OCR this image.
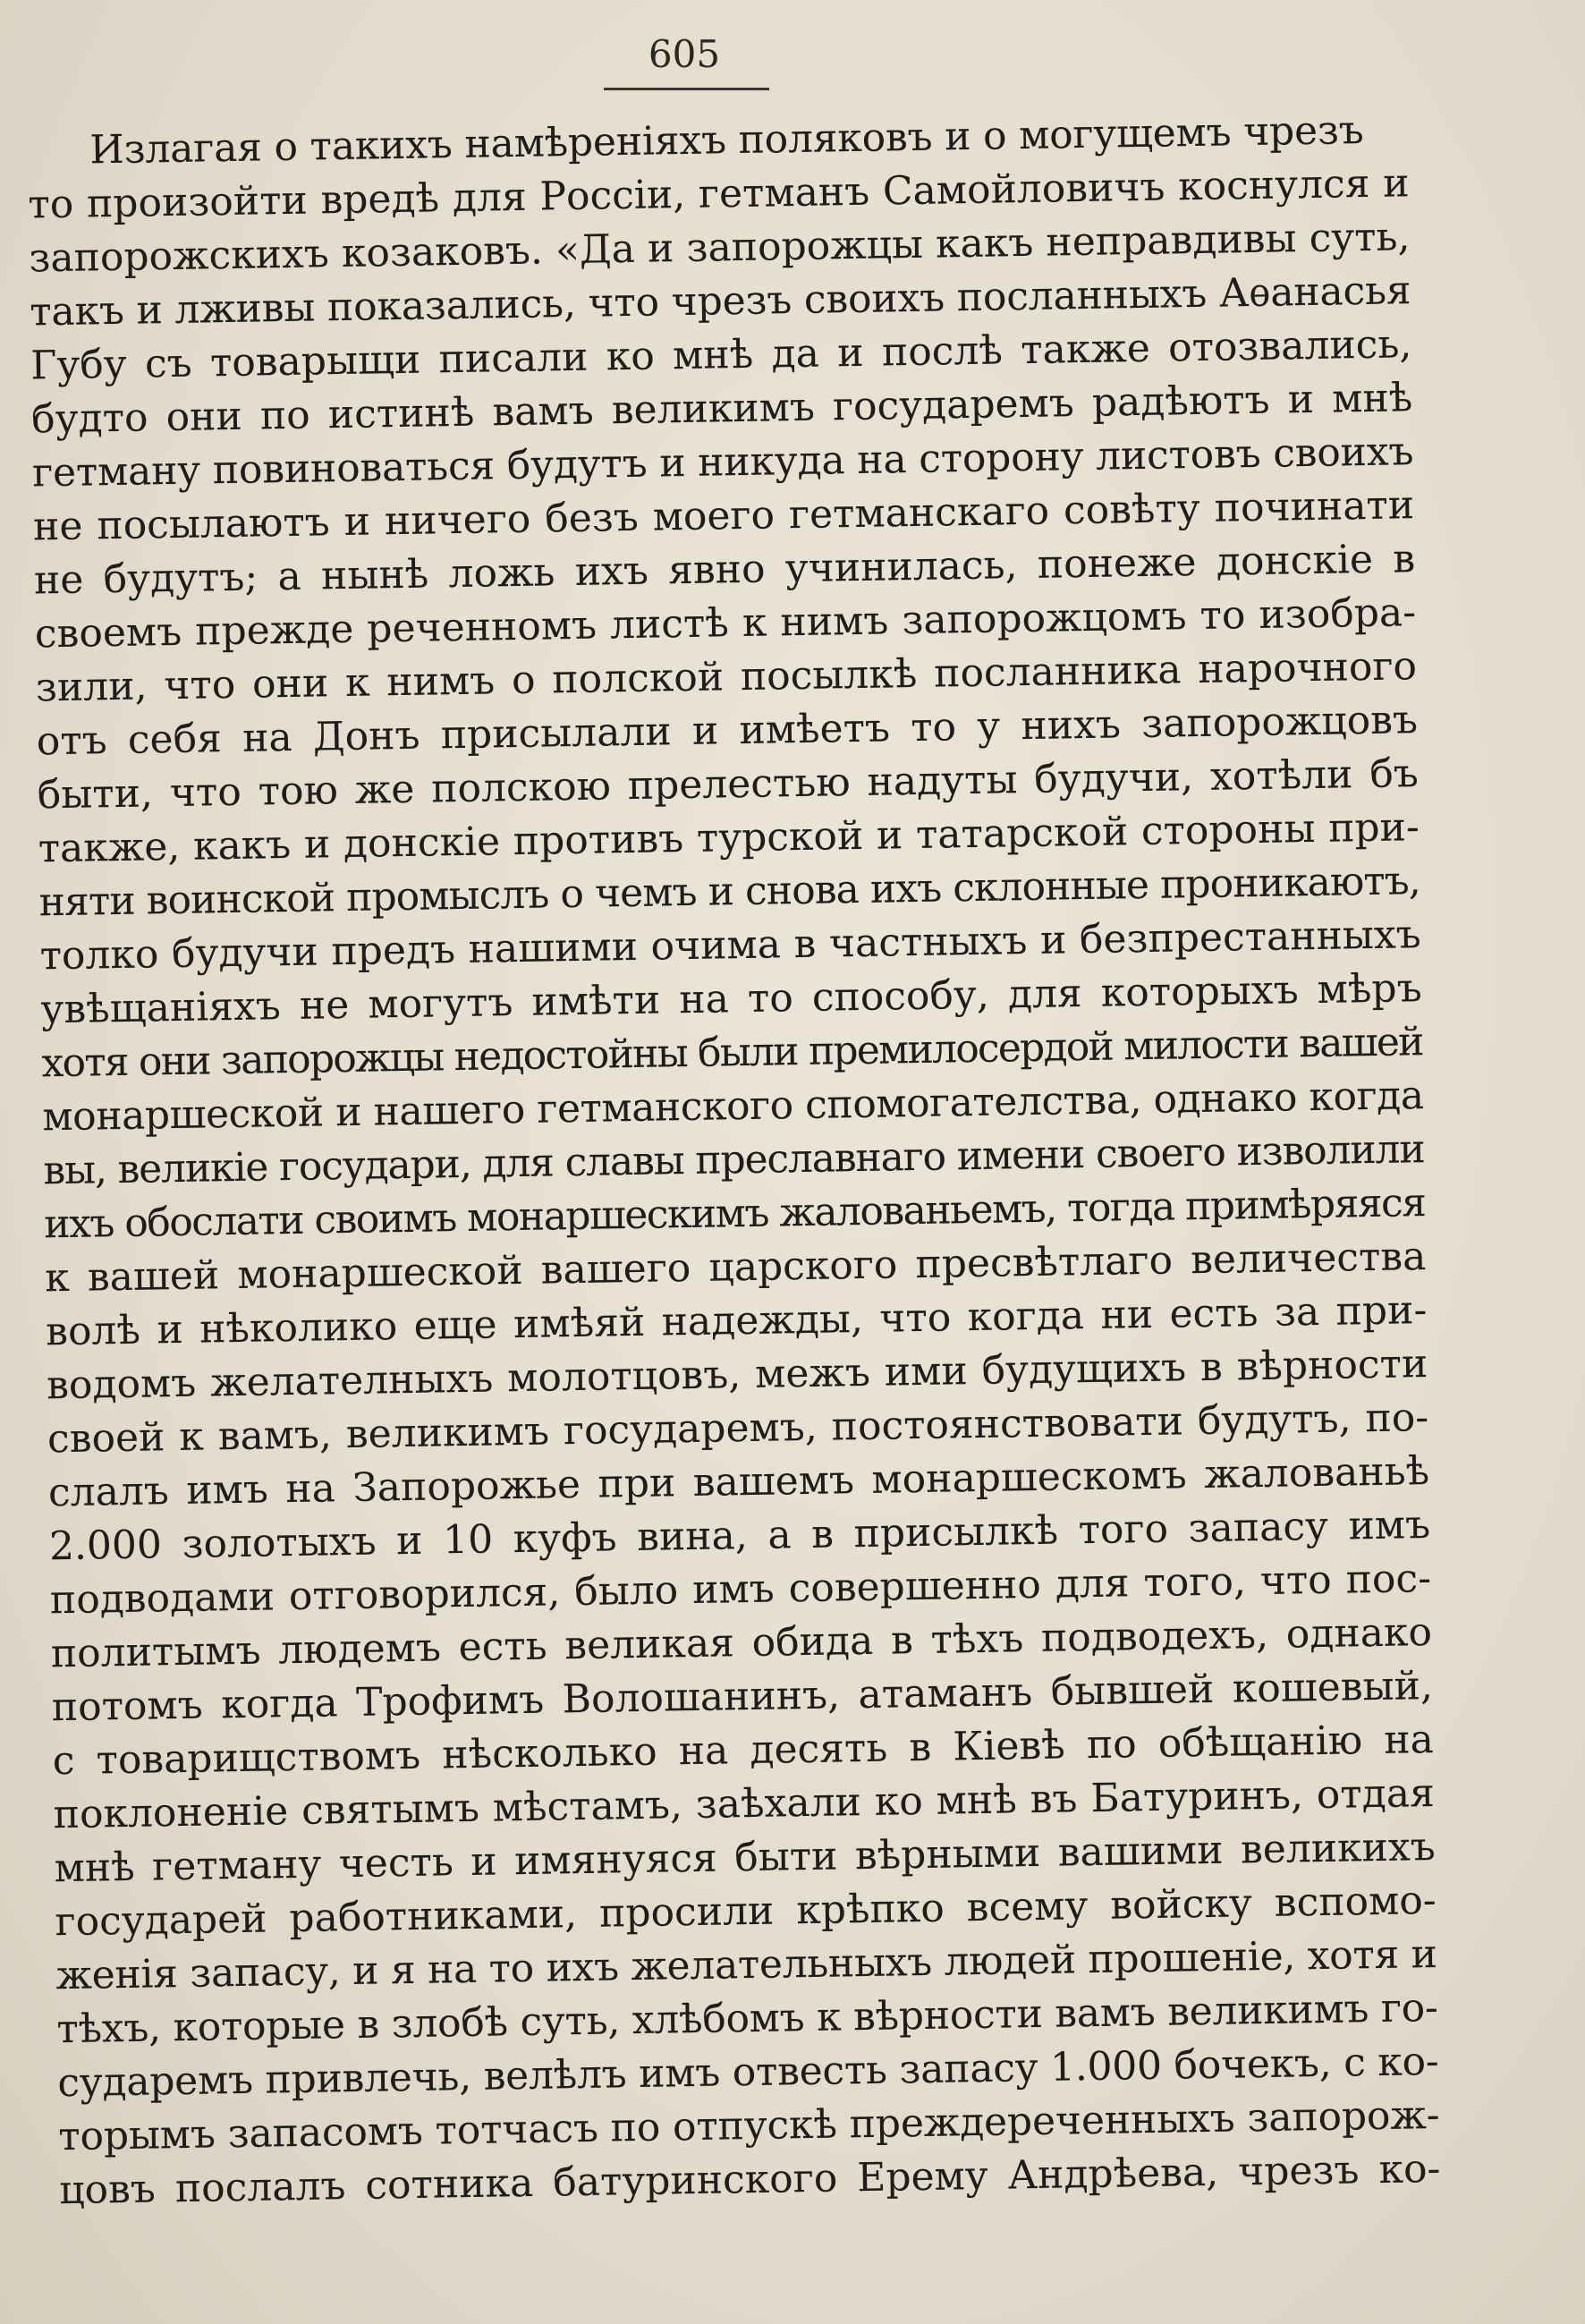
605
Излагая о такихъ намѣреніяхъ поляковъ и о могущемъ чрезъ
то произойти вредѣ для Россіи, гетманъ Самойловичъ коснулся и
запорожскихъ козаковъ. «Да и запорожцы какъ неправдивы суть,
такъ и лживы показались, что чрезъ своихъ посланныхъ Аѳанасья
Губу съ товарыщи писали ко мнѣ да и послѣ также отозвались,
будто они по истинѣ вамъ великимъ государемъ радѣютъ и мнѣ
гетману повиноваться будутъ и никуда на сторону листовъ своихъ
не посылаютъ и ничего безъ моего гетманскаго совѣту починати
не будутъ; а нынѣ ложь ихъ явно учинилась, понеже донскіе в
своемъ прежде реченномъ листѣ к нимъ запорожцомъ то изобра-
зили, что они к нимъ о полской посылкѣ посланника нарочного
отъ себя на Донъ присылали и имѣетъ то у нихъ запорожцовъ
быти, что тою же полскою прелестью надуты будучи, хотѣли бъ
также, какъ и донскіе противъ турской и татарской стороны при-
няти воинской промыслъ о чемъ и снова ихъ склонные проникаютъ,
толко будучи предъ нашими очима в частныхъ и безпрестанныхъ
увѣщаніяхъ не могутъ имѣти на то способу, для которыхъ мѣръ
хотя они запорожцы недостойны были премилосердой милости вашей
монаршеской и нашего гетманского спомогателства, однако когда
вы, великіе государи, для славы преславнаго имени своего изволили
ихъ обослати своимъ монаршескимъ жалованьемъ, тогда примѣряяся
к вашей монаршеской вашего царского пресвѣтлаго величества
волѣ и нѣколико еще имѣяй надежды, что когда ни есть за при-
водомъ желателныхъ молотцовъ, межъ ими будущихъ в вѣрности
своей к вамъ, великимъ государемъ, постоянствовати будутъ, по-
слалъ имъ на Запорожье при вашемъ монаршескомъ жалованьѣ
2.000 золотыхъ и 10 куфъ вина, а в присылкѣ того запасу имъ
подводами отговорился, было имъ совершенно для того, что пос-
политымъ людемъ есть великая обида в тѣхъ подводехъ, однако
потомъ когда Трофимъ Волошанинъ, атаманъ бывшей кошевый,
с товарищствомъ нѣсколько на десять в Кіевѣ по обѣщанію на
поклоненіе святымъ мѣстамъ, заѣхали ко мнѣ въ Батуринъ, отдая
мнѣ гетману честь и имянуяся быти вѣрными вашими великихъ
государей работниками, просили крѣпко всему войску вспомо-
женія запасу, и я на то ихъ желательныхъ людей прошеніе, хотя и
тѣхъ, которые в злобѣ суть, хлѣбомъ к вѣрности вамъ великимъ го-
сударемъ привлечь, велѣлъ имъ отвесть запасу 1.000 бочекъ, с ко-
торымъ запасомъ тотчасъ по отпускѣ преждереченныхъ запорож-
цовъ послалъ сотника батуринского Ерему Андрѣева, чрезъ ко-
